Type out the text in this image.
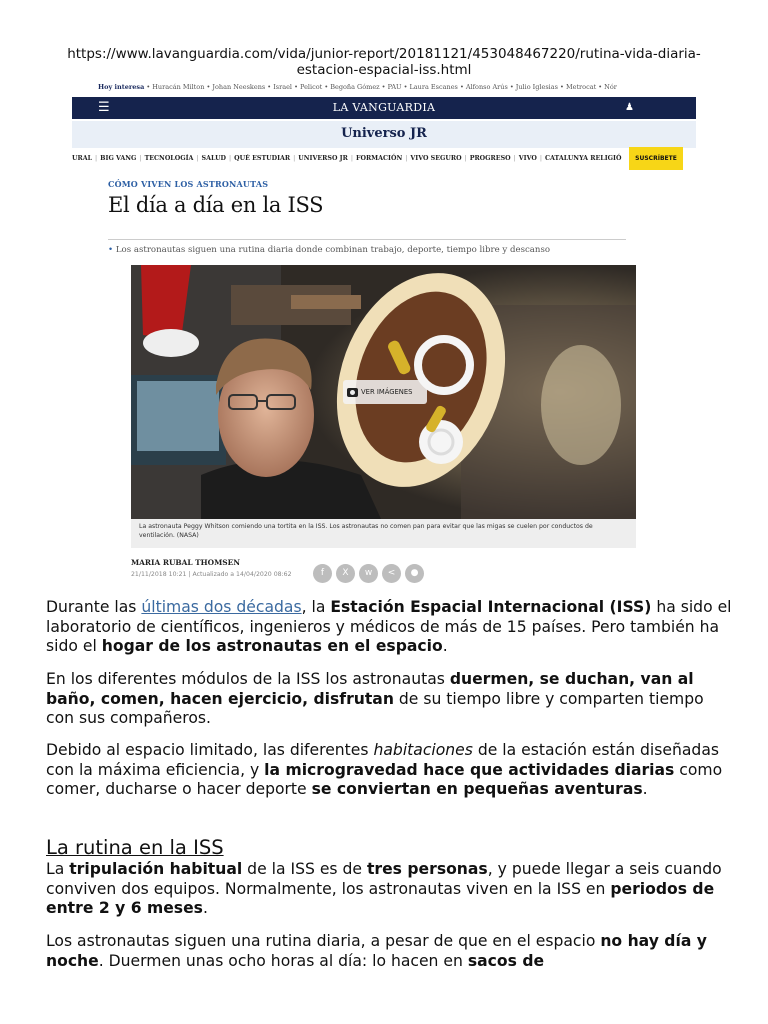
https://www.lavanguardia.com/vida/junior-report/20181121/453048467220/rutina-vida-diaria-estacion-espacial-iss.html
Hoy interesa • Huracán Milton • Johan Neeskens • Israel • Pelicot • Begoña Gómez • PAU • Laura Escanes • Alfonso Arús • Julio Iglesias • Metrocat • Nór
☰	LA VANGUARDIA	♟
Universo JR
URAL | BIG VANG | TECNOLOGÍA | SALUD | QUÉ ESTUDIAR | UNIVERSO JR | FORMACIÓN | VIVO SEGURO | PROGRESO | VIVO | CATALUNYA RELIGIÓ	SUSCRÍBETE
CÓMO VIVEN LOS ASTRONAUTAS
El día a día en la ISS
• Los astronautas siguen una rutina diaria donde combinan trabajo, deporte, tiempo libre y descanso
VER IMÁGENES
La astronauta Peggy Whitson comiendo una tortita en la ISS. Los astronautas no comen pan para evitar que las migas se cuelen por conductos de ventilación. (NASA)
MARIA RUBAL THOMSEN
21/11/2018 10:21 | Actualizado a 14/04/2020 08:62	f X w < ●

Durante las últimas dos décadas, la Estación Espacial Internacional (ISS) ha sido el laboratorio de científicos, ingenieros y médicos de más de 15 países. Pero también ha sido el hogar de los astronautas en el espacio.

En los diferentes módulos de la ISS los astronautas duermen, se duchan, van al baño, comen, hacen ejercicio, disfrutan de su tiempo libre y comparten tiempo con sus compañeros.

Debido al espacio limitado, las diferentes habitaciones de la estación están diseñadas con la máxima eficiencia, y la microgravedad hace que actividades diarias como comer, ducharse o hacer deporte se conviertan en pequeñas aventuras.

La rutina en la ISS

La tripulación habitual de la ISS es de tres personas, y puede llegar a seis cuando conviven dos equipos. Normalmente, los astronautas viven en la ISS en periodos de entre 2 y 6 meses.

Los astronautas siguen una rutina diaria, a pesar de que en el espacio no hay día y noche. Duermen unas ocho horas al día: lo hacen en sacos de
